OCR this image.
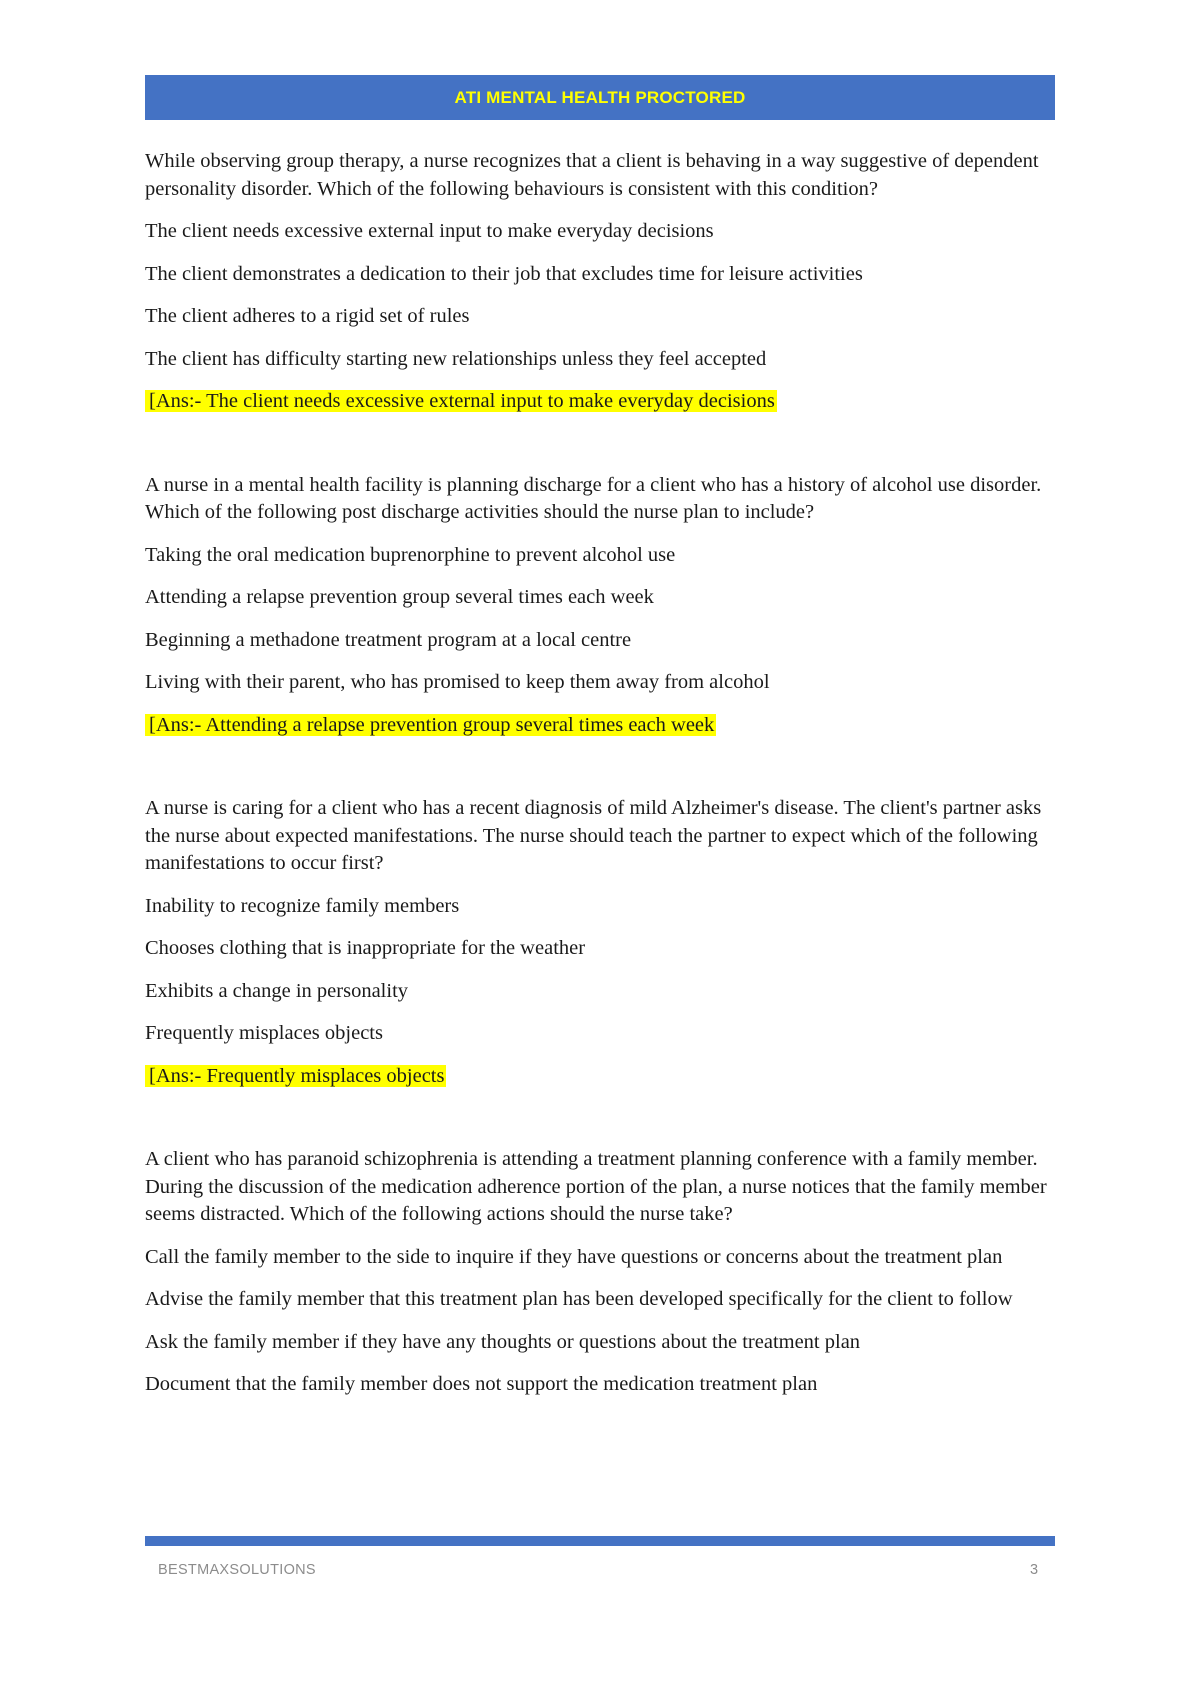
ATI MENTAL HEALTH PROCTORED

While observing group therapy, a nurse recognizes that a client is behaving in a way suggestive of dependent personality disorder. Which of the following behaviours is consistent with this condition?

The client needs excessive external input to make everyday decisions

The client demonstrates a dedication to their job that excludes time for leisure activities

The client adheres to a rigid set of rules

The client has difficulty starting new relationships unless they feel accepted

[Ans:- The client needs excessive external input to make everyday decisions

A nurse in a mental health facility is planning discharge for a client who has a history of alcohol use disorder. Which of the following post discharge activities should the nurse plan to include?

Taking the oral medication buprenorphine to prevent alcohol use

Attending a relapse prevention group several times each week

Beginning a methadone treatment program at a local centre

Living with their parent, who has promised to keep them away from alcohol

[Ans:- Attending a relapse prevention group several times each week

A nurse is caring for a client who has a recent diagnosis of mild Alzheimer's disease. The client's partner asks the nurse about expected manifestations. The nurse should teach the partner to expect which of the following manifestations to occur first?

Inability to recognize family members

Chooses clothing that is inappropriate for the weather

Exhibits a change in personality

Frequently misplaces objects

[Ans:- Frequently misplaces objects

A client who has paranoid schizophrenia is attending a treatment planning conference with a family member. During the discussion of the medication adherence portion of the plan, a nurse notices that the family member seems distracted. Which of the following actions should the nurse take?

Call the family member to the side to inquire if they have questions or concerns about the treatment plan

Advise the family member that this treatment plan has been developed specifically for the client to follow

Ask the family member if they have any thoughts or questions about the treatment plan

Document that the family member does not support the medication treatment plan

BESTMAXSOLUTIONS	3
